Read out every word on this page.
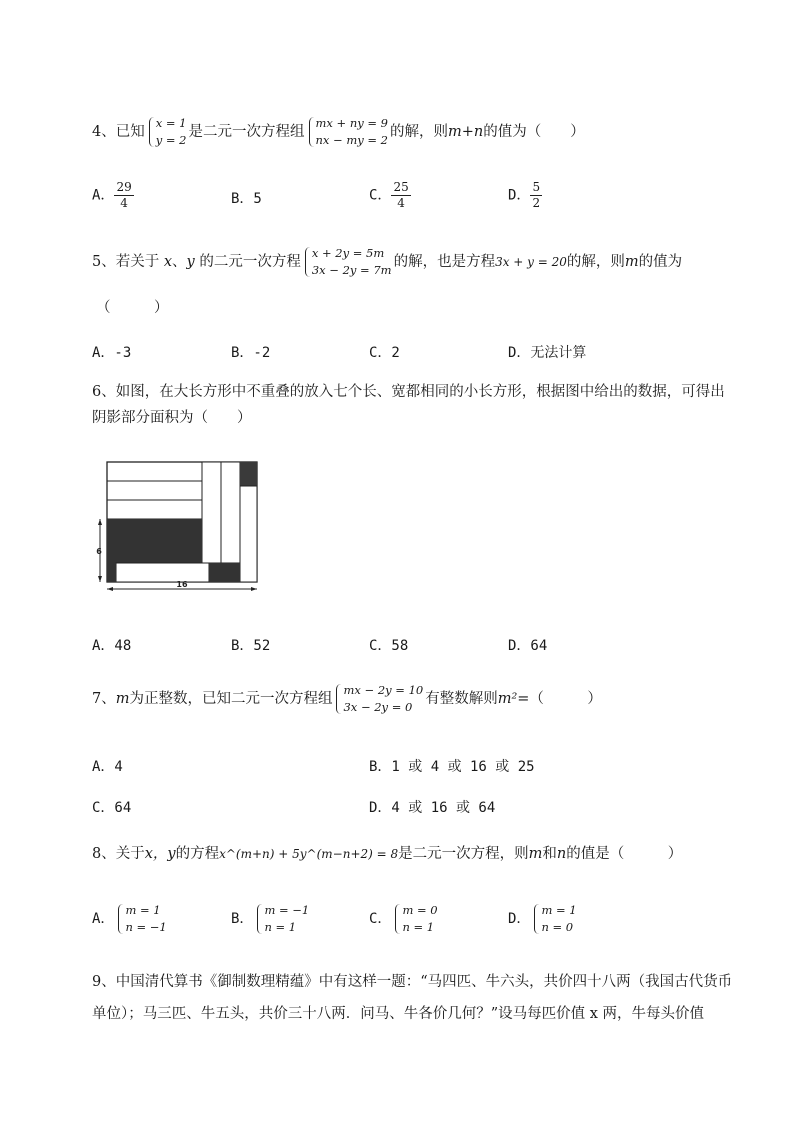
4、已知
x = 1
y = 2 是二元一次方程组
mx + ny = 9
nx − my = 2 的解，则m+n的值为（　　）
A． $\frac{29}{4}$	B．5	C． $\frac{25}{4}$	D． $\frac{5}{2}$
5、若关于 x、y 的二元一次方程
x + 2y = 5m
3x − 2y = 7m 的解，也是方程3x + y = 20的解，则m的值为
（　　　）
A．-3	B．-2	C．2	D．无法计算
6、如图，在大长方形中不重叠的放入七个长、宽都相同的小长方形，根据图中给出的数据，可得出
阴影部分面积为（　　）
6
16
A．48	B．52	C．58	D．64
7、m为正整数，已知二元一次方程组
mx − 2y = 10
3x − 2y = 0 有整数解则m²=（　　　）
A．4	B．1 或 4 或 16 或 25
C．64	D．4 或 16 或 64
8、关于x，y的方程x^(m+n) + 5y^(m−n+2) = 8是二元一次方程，则m和n的值是（　　　）
A．
m = 1
n = −1	B．
m = −1
n = 1	C．
m = 0
n = 1	D．
m = 1
n = 0
9、中国清代算书《御制数理精蕴》中有这样一题：“马四匹、牛六头，共价四十八两（我国古代货币单位）；马三匹、牛五头，共价三十八两．问马、牛各价几何？”设马每匹价值 x 两，牛每头价值
